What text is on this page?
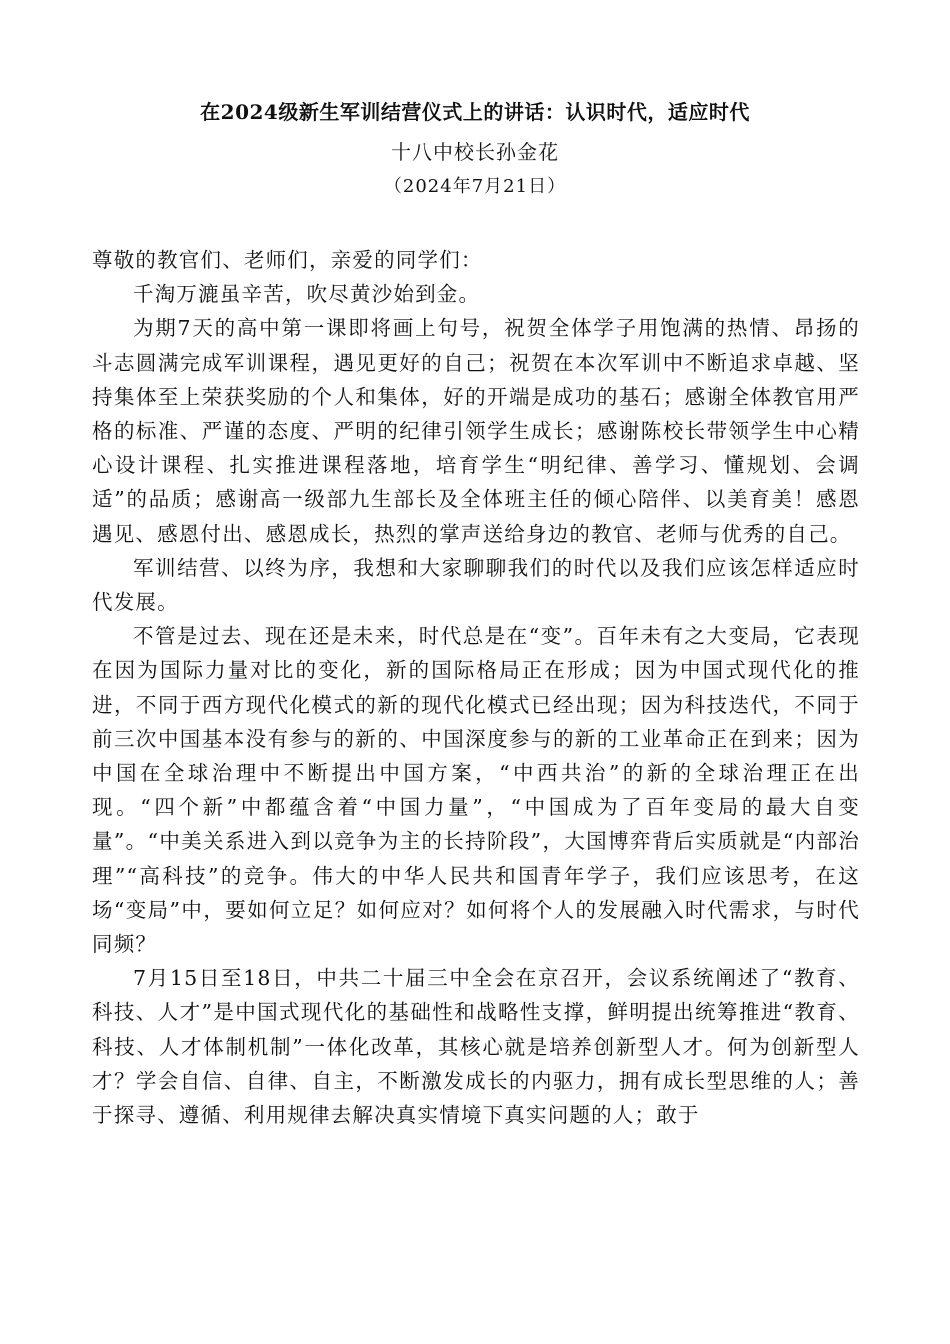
在2024级新生军训结营仪式上的讲话：认识时代，适应时代
十八中校长孙金花
（2024年7月21日）

尊敬的教官们、老师们，亲爱的同学们：

千淘万漉虽辛苦，吹尽黄沙始到金。

为期7天的高中第一课即将画上句号，祝贺全体学子用饱满的热情、昂扬的斗志圆满完成军训课程，遇见更好的自己；祝贺在本次军训中不断追求卓越、坚持集体至上荣获奖励的个人和集体，好的开端是成功的基石；感谢全体教官用严格的标准、严谨的态度、严明的纪律引领学生成长；感谢陈校长带领学生中心精心设计课程、扎实推进课程落地，培育学生“明纪律、善学习、懂规划、会调适”的品质；感谢高一级部九生部长及全体班主任的倾心陪伴、以美育美！感恩遇见、感恩付出、感恩成长，热烈的掌声送给身边的教官、老师与优秀的自己。

军训结营、以终为序，我想和大家聊聊我们的时代以及我们应该怎样适应时代发展。

不管是过去、现在还是未来，时代总是在“变”。百年未有之大变局，它表现在因为国际力量对比的变化，新的国际格局正在形成；因为中国式现代化的推进，不同于西方现代化模式的新的现代化模式已经出现；因为科技迭代，不同于前三次中国基本没有参与的新的、中国深度参与的新的工业革命正在到来；因为中国在全球治理中不断提出中国方案，“中西共治”的新的全球治理正在出现。“四个新”中都蕴含着“中国力量”，“中国成为了百年变局的最大自变量”。“中美关系进入到以竞争为主的长持阶段”，大国博弈背后实质就是“内部治理”“高科技”的竞争。伟大的中华人民共和国青年学子，我们应该思考，在这场“变局”中，要如何立足？如何应对？如何将个人的发展融入时代需求，与时代同频？

7月15日至18日，中共二十届三中全会在京召开，会议系统阐述了“教育、科技、人才”是中国式现代化的基础性和战略性支撑，鲜明提出统筹推进“教育、科技、人才体制机制”一体化改革，其核心就是培养创新型人才。何为创新型人才？学会自信、自律、自主，不断激发成长的内驱力，拥有成长型思维的人；善于探寻、遵循、利用规律去解决真实情境下真实问题的人；敢于
